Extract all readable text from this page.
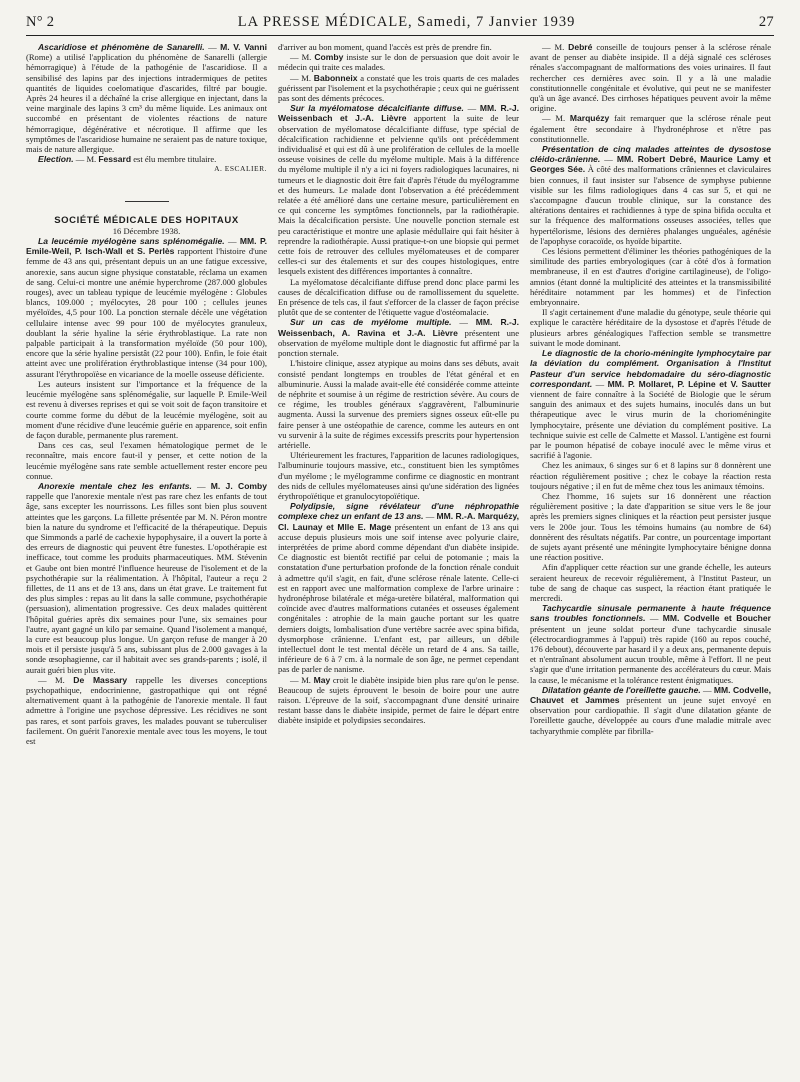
N° 2	LA PRESSE MÉDICALE, Samedi, 7 Janvier 1939	27

Ascaridiose et phénomène de Sanarelli. — M. V. Vanni (Rome) a utilisé l'application du phénomène de Sanarelli (allergie hémorragique) à l'étude de la pathogénie de l'ascaridiose. Il a sensibilisé des lapins par des injections intradermiques de petites quantités de liquides coelomatique d'ascarides, filtré par bougie. Après 24 heures il a déchaîné la crise allergique en injectant, dans la veine marginale des lapins 3 cm³ du même liquide. Les animaux ont succombé en présentant de violentes réactions de nature hémorragique, dégénérative et nécrotique. Il affirme que les symptômes de l'ascaridiose humaine ne seraient pas de nature toxique, mais de nature allergique.

Election. — M. Fessard est élu membre titulaire.

A. ESCALIER.

SOCIÉTÉ MÉDICALE DES HOPITAUX

16 Décembre 1938.

La leucémie myélogène sans splénomégalie. — MM. P. Emile-Weil, P. Isch-Wall et S. Perlès rapportent l'histoire d'une femme de 43 ans qui, présentant depuis un an une fatigue excessive, anorexie, sans aucun signe physique constatable, réclama un examen de sang. Celui-ci montre une anémie hyperchrome (287.000 globules rouges), avec un tableau typique de leucémie myélogène : Globules blancs, 109.000 ; myélocytes, 28 pour 100 ; cellules jeunes myéloïdes, 4,5 pour 100. La ponction sternale décèle une végétation cellulaire intense avec 99 pour 100 de myélocytes granuleux, doublant la série hyaline la série érythroblastique. La rate non palpable participait à la transformation myéloïde (50 pour 100), encore que la série hyaline persistât (22 pour 100). Enfin, le foie était atteint avec une prolifération érythroblastique intense (34 pour 100), assurant l'érythropoïèse en vicariance de la moelle osseuse déficiente.

Les auteurs insistent sur l'importance et la fréquence de la leucémie myélogène sans splénomégalie, sur laquelle P. Emile-Weil est revenu à diverses reprises et qui se voit soit de façon transitoire et courte comme forme du début de la leucémie myélogène, soit au moment d'une récidive d'une leucémie guérie en apparence, soit enfin de façon durable, permanente plus rarement.

Dans ces cas, seul l'examen hématologique permet de le reconnaître, mais encore faut-il y penser, et cette notion de la leucémie myélogène sans rate semble actuellement rester encore peu connue.

Anorexie mentale chez les enfants. — M. J. Comby rappelle que l'anorexie mentale n'est pas rare chez les enfants de tout âge, sans excepter les nourrissons. Les filles sont bien plus souvent atteintes que les garçons. La fillette présentée par M. N. Péron montre bien la nature du syndrome et l'efficacité de la thérapeutique. Depuis que Simmonds a parlé de cachexie hypophysaire, il a ouvert la porte à des erreurs de diagnostic qui peuvent être funestes. L'opothérapie est inefficace, tout comme les produits pharmaceutiques. MM. Stévenin et Gaube ont bien montré l'influence heureuse de l'isolement et de la psychothérapie sur la réalimentation. À l'hôpital, l'auteur a reçu 2 fillettes, de 11 ans et de 13 ans, dans un état grave. Le traitement fut des plus simples : repas au lit dans la salle commune, psychothérapie (persuasion), alimentation progressive. Ces deux malades quittèrent l'hôpital guéries après dix semaines pour l'une, six semaines pour l'autre, ayant gagné un kilo par semaine. Quand l'isolement a manqué, la cure est beaucoup plus longue. Un garçon refuse de manger à 20 mois et il persiste jusqu'à 5 ans, subissant plus de 2.000 gavages à la sonde œsophagienne, car il habitait avec ses grands-parents ; isolé, il aurait guéri bien plus vite.

— M. De Massary rappelle les diverses conceptions psychopathique, endocrinienne, gastropathique qui ont régné alternativement quant à la pathogénie de l'anorexie mentale. Il faut admettre à l'origine une psychose dépressive. Les récidives ne sont pas rares, et sont parfois graves, les malades pouvant se tuberculiser facilement. On guérit l'anorexie mentale avec tous les moyens, le tout est

d'arriver au bon moment, quand l'accès est près de prendre fin.

— M. Comby insiste sur le don de persuasion que doit avoir le médecin qui traite ces malades.

— M. Babonneix a constaté que les trois quarts de ces malades guérissent par l'isolement et la psychothérapie ; ceux qui ne guérissent pas sont des déments précoces.

Sur la myélomatose décalcifiante diffuse. — MM. R.-J. Weissenbach et J.-A. Lièvre apportent la suite de leur observation de myélomatose décalcifiante diffuse, type spécial de décalcification rachidienne et pelvienne qu'ils ont précédemment individualisé et qui est dû à une prolifération de cellules de la moelle osseuse voisines de celle du myélome multiple. Mais à la différence du myélome multiple il n'y a ici ni foyers radiologiques lacunaires, ni tumeurs et le diagnostic doit être fait d'après l'étude du myélogramme et des humeurs. Le malade dont l'observation a été précédemment relatée a été amélioré dans une certaine mesure, particulièrement en ce qui concerne les symptômes fonctionnels, par la radiothérapie. Mais la décalcification persiste. Une nouvelle ponction sternale est peu caractéristique et montre une aplasie médullaire qui fait hésiter à reprendre la radiothérapie. Aussi pratique-t-on une biopsie qui permet cette fois de retrouver des cellules myélomateuses et de comparer celles-ci sur des étalements et sur des coupes histologiques, entre lesquels existent des différences importantes à connaître.

La myélomatose décalcifiante diffuse prend donc place parmi les causes de décalcification diffuse ou de ramollissement du squelette. En présence de tels cas, il faut s'efforcer de la classer de façon précise plutôt que de se contenter de l'étiquette vague d'ostéomalacie.

Sur un cas de myélome multiple. — MM. R.-J. Weissenbach, A. Ravina et J.-A. Lièvre présentent une observation de myélome multiple dont le diagnostic fut affirmé par la ponction sternale.

L'histoire clinique, assez atypique au moins dans ses débuts, avait consisté pendant longtemps en troubles de l'état général et en albuminurie. Aussi la malade avait-elle été considérée comme atteinte de néphrite et soumise à un régime de restriction sévère. Au cours de ce régime, les troubles généraux s'aggravèrent, l'albuminurie augmenta. Aussi la survenue des premiers signes osseux eût-elle pu faire penser à une ostéopathie de carence, comme les auteurs en ont vu survenir à la suite de régimes excessifs prescrits pour hypertension artérielle.

Ultérieurement les fractures, l'apparition de lacunes radiologiques, l'albuminurie toujours massive, etc., constituent bien les symptômes d'un myélome ; le myélogramme confirme ce diagnostic en montrant des nids de cellules myélomateuses ainsi qu'une sidération des lignées érythropoïétique et granulocytopoïétique.

Polydipsie, signe révélateur d'une néphropathie complexe chez un enfant de 13 ans. — MM. R.-A. Marquézy, Cl. Launay et Mlle E. Mage présentent un enfant de 13 ans qui accuse depuis plusieurs mois une soif intense avec polyurie claire, interprétées de prime abord comme dépendant d'un diabète insipide. Ce diagnostic est bientôt rectifié par celui de potomanie ; mais la constatation d'une perturbation profonde de la fonction rénale conduit à admettre qu'il s'agit, en fait, d'une sclérose rénale latente. Celle-ci est en rapport avec une malformation complexe de l'arbre urinaire : hydronéphrose bilatérale et méga-uretère bilatéral, malformation qui coïncide avec d'autres malformations cutanées et osseuses également congénitales : atrophie de la main gauche portant sur les quatre derniers doigts, lombalisation d'une vertèbre sacrée avec spina bifida, dysmorphose crânienne. L'enfant est, par ailleurs, un débile intellectuel dont le test mental décèle un retard de 4 ans. Sa taille, inférieure de 6 à 7 cm. à la normale de son âge, ne permet cependant pas de parler de nanisme.

— M. May croit le diabète insipide bien plus rare qu'on le pense. Beaucoup de sujets éprouvent le besoin de boire pour une autre raison. L'épreuve de la soif, s'accompagnant d'une densité urinaire restant basse dans le diabète insipide, permet de faire le départ entre diabète insipide et polydipsies secondaires.

— M. Debré conseille de toujours penser à la sclérose rénale avant de penser au diabète insipide. Il a déjà signalé ces scléroses rénales s'accompagnant de malformations des voies urinaires. Il faut rechercher ces dernières avec soin. Il y a là une maladie constitutionnelle congénitale et évolutive, qui peut ne se manifester qu'à un âge avancé. Des cirrhoses hépatiques peuvent avoir la même origine.

— M. Marquézy fait remarquer que la sclérose rénale peut également être secondaire à l'hydronéphrose et n'être pas constitutionnelle.

Présentation de cinq malades atteintes de dysostose cléido-crânienne. — MM. Robert Debré, Maurice Lamy et Georges Sée. À côté des malformations crâniennes et claviculaires bien connues, il faut insister sur l'absence de symphyse pubienne visible sur les films radiologiques dans 4 cas sur 5, et qui ne s'accompagne d'aucun trouble clinique, sur la constance des altérations dentaires et rachidiennes à type de spina bifida occulta et sur la fréquence des malformations osseuses associées, telles que hypertélorisme, lésions des dernières phalanges unguéales, agénésie de l'apophyse coracoïde, os hyoïde bipartite.

Ces lésions permettent d'éliminer les théories pathogéniques de la similitude des parties embryologiques (car à côté d'os à formation membraneuse, il en est d'autres d'origine cartilagineuse), de l'oligo-amnios (étant donné la multiplicité des atteintes et la transmissibilité héréditaire notamment par les hommes) et de l'infection embryonnaire.

Il s'agit certainement d'une maladie du génotype, seule théorie qui explique le caractère héréditaire de la dysostose et d'après l'étude de plusieurs arbres généalogiques l'affection semble se transmettre suivant le mode dominant.

Le diagnostic de la chorio-méningite lymphocytaire par la déviation du complément. Organisation à l'Institut Pasteur d'un service hebdomadaire du séro-diagnostic correspondant. — MM. P. Mollaret, P. Lépine et V. Sautter viennent de faire connaître à la Société de Biologie que le sérum sanguin des animaux et des sujets humains, inoculés dans un but thérapeutique avec le virus murin de la chorioméningite lymphocytaire, présente une déviation du complément positive. La technique suivie est celle de Calmette et Massol. L'antigène est fourni par le poumon hépatisé de cobaye inoculé avec le même virus et sacrifié à l'agonie.

Chez les animaux, 6 singes sur 6 et 8 lapins sur 8 donnèrent une réaction régulièrement positive ; chez le cobaye la réaction resta toujours négative ; il en fut de même chez tous les animaux témoins.

Chez l'homme, 16 sujets sur 16 donnèrent une réaction régulièrement positive ; la date d'apparition se situe vers le 8e jour après les premiers signes cliniques et la réaction peut persister jusque vers le 200e jour. Tous les témoins humains (au nombre de 64) donnèrent des résultats négatifs. Par contre, un pourcentage important de sujets ayant présenté une méningite lymphocytaire bénigne donna une réaction positive.

Afin d'appliquer cette réaction sur une grande échelle, les auteurs seraient heureux de recevoir régulièrement, à l'Institut Pasteur, un tube de sang de chaque cas suspect, la réaction étant pratiquée le mercredi.

Tachycardie sinusale permanente à haute fréquence sans troubles fonctionnels. — MM. Codvelle et Boucher présentent un jeune soldat porteur d'une tachycardie sinusale (électrocardiogrammes à l'appui) très rapide (160 au repos couché, 176 debout), découverte par hasard il y a deux ans, permanente depuis et n'entraînant absolument aucun trouble, même à l'effort. Il ne peut s'agir que d'une irritation permanente des accélérateurs du cœur. Mais la cause, le mécanisme et la tolérance restent énigmatiques.

Dilatation géante de l'oreillette gauche. — MM. Codvelle, Chauvet et Jammes présentent un jeune sujet envoyé en observation pour cardiopathie. Il s'agit d'une dilatation géante de l'oreillette gauche, développée au cours d'une maladie mitrale avec tachyarythmie complète par fibrilla-
